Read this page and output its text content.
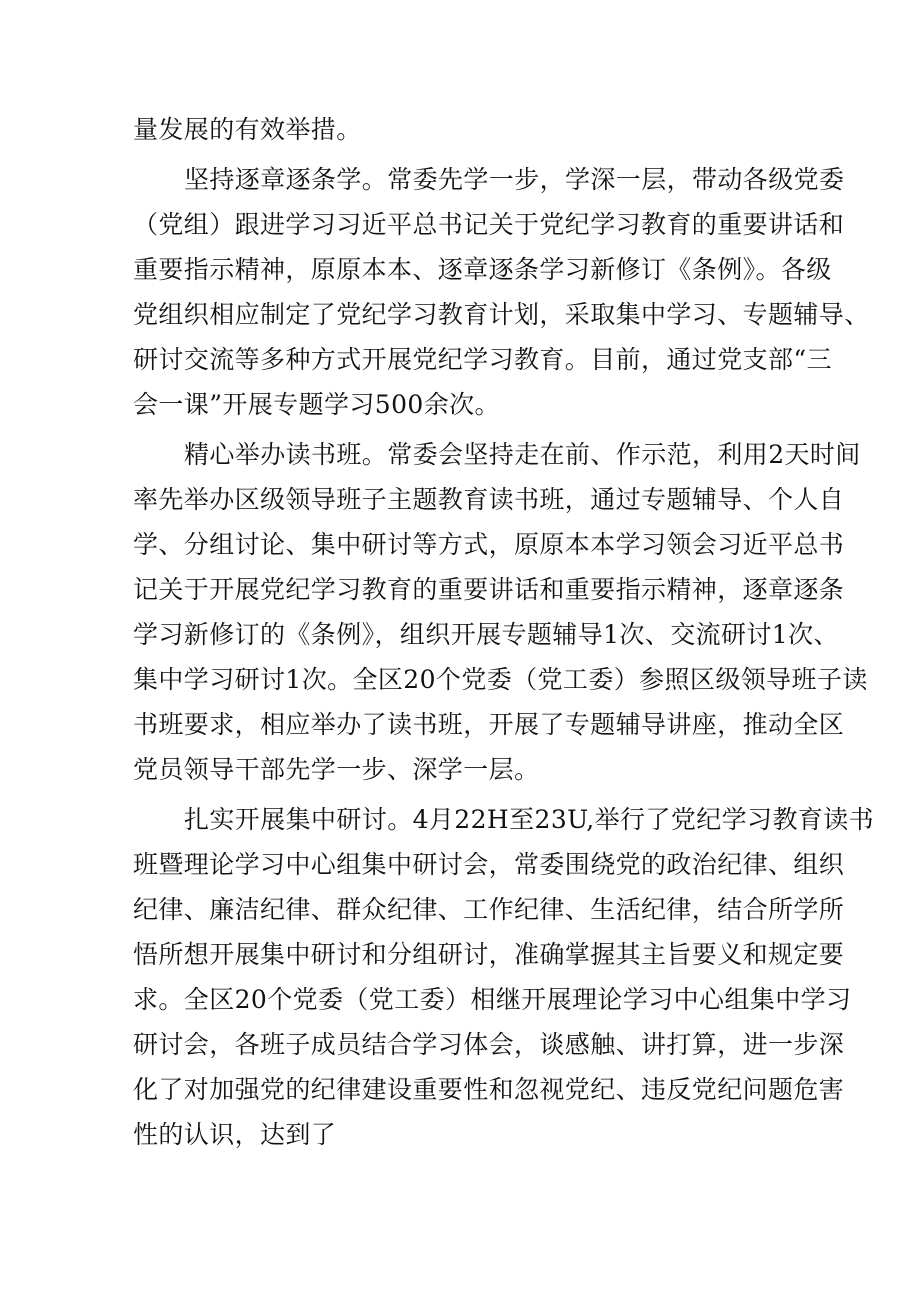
量发展的有效举措。

坚持逐章逐条学。常委先学一步，学深一层，带动各级党委

（党组）跟进学习习近平总书记关于党纪学习教育的重要讲话和

重要指示精神，原原本本、逐章逐条学习新修订《条例》。各级

党组织相应制定了党纪学习教育计划，采取集中学习、专题辅导、

研讨交流等多种方式开展党纪学习教育。目前，通过党支部“三

会一课”开展专题学习500余次。

精心举办读书班。常委会坚持走在前、作示范，利用2天时间

率先举办区级领导班子主题教育读书班，通过专题辅导、个人自

学、分组讨论、集中研讨等方式，原原本本学习领会习近平总书

记关于开展党纪学习教育的重要讲话和重要指示精神，逐章逐条

学习新修订的《条例》，组织开展专题辅导1次、交流研讨1次、

集中学习研讨1次。全区20个党委（党工委）参照区级领导班子读

书班要求，相应举办了读书班，开展了专题辅导讲座，推动全区

党员领导干部先学一步、深学一层。

扎实开展集中研讨。4月22H至23U,举行了党纪学习教育读书

班暨理论学习中心组集中研讨会，常委围绕党的政治纪律、组织

纪律、廉洁纪律、群众纪律、工作纪律、生活纪律，结合所学所

悟所想开展集中研讨和分组研讨，准确掌握其主旨要义和规定要

求。全区20个党委（党工委）相继开展理论学习中心组集中学习

研讨会，各班子成员结合学习体会，谈感触、讲打算，进一步深

化了对加强党的纪律建设重要性和忽视党纪、违反党纪问题危害

性的认识，达到了
